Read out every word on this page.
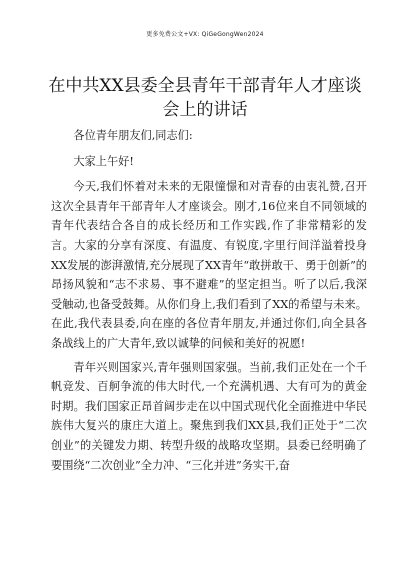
更多免费公文+VX: QiGeGongWen2024
在中共XX县委全县青年干部青年人才座谈会上的讲话

各位青年朋友们,同志们:

大家上午好!

今天,我们怀着对未来的无限憧憬和对青春的由衷礼赞,召开这次全县青年干部青年人才座谈会。刚才,16位来自不同领域的青年代表结合各自的成长经历和工作实践,作了非常精彩的发言。大家的分享有深度、有温度、有锐度,字里行间洋溢着投身XX发展的澎湃激情,充分展现了XX青年“敢拼敢干、勇于创新”的昂扬风貌和“志不求易、事不避难”的坚定担当。听了以后,我深受触动,也备受鼓舞。从你们身上,我们看到了XX的希望与未来。在此,我代表县委,向在座的各位青年朋友,并通过你们,向全县各条战线上的广大青年,致以诚挚的问候和美好的祝愿!

青年兴则国家兴,青年强则国家强。当前,我们正处在一个千帆竞发、百舸争流的伟大时代,一个充满机遇、大有可为的黄金时期。我们国家正昂首阔步走在以中国式现代化全面推进中华民族伟大复兴的康庄大道上。聚焦到我们XX县,我们正处于“二次创业”的关键发力期、转型升级的战略攻坚期。县委已经明确了要围绕“二次创业”全力冲、“三化并进”务实干,奋
